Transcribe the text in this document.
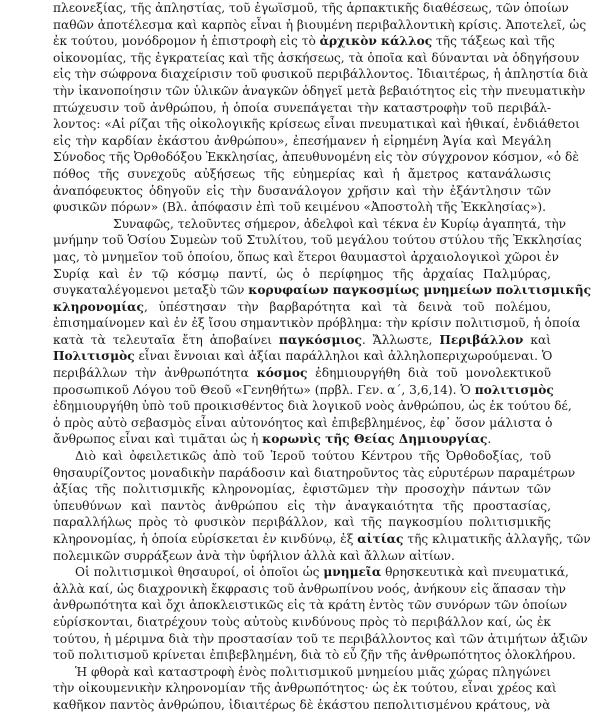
πλεονεξίας, τῆς ἀπληστίας, τοῦ ἐγωϊσμοῦ, τῆς ἁρπακτικῆς διαθέσεως, τῶν ὁποίων
παθῶν ἀποτέλεσμα καὶ καρπὸς εἶναι ἡ βιουμένη περιβαλλοντικὴ κρίσις. Ἀποτελεῖ, ὡς
ἐκ τούτου, μονόδρομον ἡ ἐπιστροφὴ εἰς τὸ ἀρχικὸν κάλλος τῆς τάξεως καὶ τῆς
οἰκονομίας, τῆς ἐγκρατείας καὶ τῆς ἀσκήσεως, τὰ ὁποῖα καὶ δύνανται νὰ ὁδηγήσουν
εἰς τὴν σώφρονα διαχείρισιν τοῦ φυσικοῦ περιβάλλοντος. Ἰδιαιτέρως, ἡ ἀπληστία διὰ
τὴν ἱκανοποίησιν τῶν ὑλικῶν ἀναγκῶν ὁδηγεῖ μετὰ βεβαιότητος εἰς τὴν πνευματικὴν
πτώχευσιν τοῦ ἀνθρώπου, ἡ ὁποία συνεπάγεται τὴν καταστροφὴν τοῦ περιβάλ-
λοντος: «Αἱ ρίζαι τῆς οἰκολογικῆς κρίσεως εἶναι πνευματικαὶ καὶ ἠθικαί, ἐνδιάθετοι
εἰς τὴν καρδίαν ἑκάστου ἀνθρώπου», ἐπεσήμανεν ἡ εἰρημένη Ἁγία καὶ Μεγάλη
Σύνοδος τῆς Ὀρθοδόξου Ἐκκλησίας, ἀπευθυνομένη εἰς τὸν σύγχρονον κόσμον, «ὁ δὲ
πόθος τῆς συνεχοῦς αὐξήσεως τῆς εὐημερίας καὶ ἡ ἄμετρος κατανάλωσις
ἀναπόφευκτος ὁδηγοῦν εἰς τὴν δυσανάλογον χρῆσιν καὶ τὴν ἐξάντλησιν τῶν
φυσικῶν πόρων» (Βλ. ἀπόφασιν ἐπὶ τοῦ κειμένου «Ἀποστολὴ τῆς Ἐκκλησίας»).
Συναφῶς, τελοῦντες σήμερον, ἀδελφοὶ καὶ τέκνα ἐν Κυρίῳ ἀγαπητά, τὴν
μνήμην τοῦ Ὁσίου Συμεὼν τοῦ Στυλίτου, τοῦ μεγάλου τούτου στύλου τῆς Ἐκκλησίας
μας, τὸ μνημεῖον τοῦ ὁποίου, ὅπως καὶ ἕτεροι θαυμαστοὶ ἀρχαιολογικοὶ χῶροι ἐν
Συρίᾳ καὶ ἐν τῷ κόσμῳ παντί, ὡς ὁ περίφημος τῆς ἀρχαίας Παλμύρας,
συγκαταλέγομενοι μεταξὺ τῶν κορυφαίων παγκοσμίως μνημείων πολιτισμικῆς
κληρονομίας, ὑπέστησαν τὴν βαρβαρότητα καὶ τὰ δεινὰ τοῦ πολέμου,
ἐπισημαίνομεν καὶ ἐν ἐξ ἴσου σημαντικὸν πρόβλημα: τὴν κρίσιν πολιτισμοῦ, ἡ ὁποία
κατὰ τὰ τελευταῖα ἔτη ἀποβαίνει παγκόσμιος. Ἄλλωστε, Περιβάλλον καὶ
Πολιτισμὸς εἶναι ἔννοιαι καὶ ἀξίαι παράλληλοι καὶ ἀλληλοπεριχωρούμεναι. Ὁ
περιβάλλων τὴν ἀνθρωπότητα κόσμος ἐδημιουργήθη διὰ τοῦ μονολεκτικοῦ
προσωπικοῦ Λόγου τοῦ Θεοῦ «Γενηθήτω» (πρβλ. Γεν. α΄, 3,6,14). Ὁ πολιτισμὸς
ἐδημιουργήθη ὑπὸ τοῦ προικισθέντος διὰ λογικοῦ νοὸς ἀνθρώπου, ὡς ἐκ τούτου δέ,
ὁ πρὸς αὐτὸ σεβασμὸς εἶναι αὐτονόητος καὶ ἐπιβεβλημένος, ἐφ᾽ ὅσον μάλιστα ὁ
ἄνθρωπος εἶναι καὶ τιμᾶται ὡς ἡ κορωνὶς τῆς Θείας Δημιουργίας.
Διὸ καὶ ὀφειλετικῶς ἀπὸ τοῦ Ἱεροῦ τούτου Κέντρου τῆς Ὀρθοδοξίας, τοῦ
θησαυρίζοντος μοναδικὴν παράδοσιν καὶ διατηροῦντος τὰς εὐρυτέρων παραμέτρων
ἀξίας τῆς πολιτισμικῆς κληρονομίας, ἐφιστῶμεν τὴν προσοχὴν πάντων τῶν
ὑπευθύνων καὶ παντὸς ἀνθρώπου εἰς τὴν ἀναγκαιότητα τῆς προστασίας,
παραλλήλως πρὸς τὸ φυσικὸν περιβάλλον, καὶ τῆς παγκοσμίου πολιτισμικῆς
κληρονομίας, ἡ ὁποία εὑρίσκεται ἐν κινδύνῳ, ἐξ αἰτίας τῆς κλιματικῆς ἀλλαγῆς, τῶν
πολεμικῶν συρράξεων ἀνὰ τὴν ὑφήλιον ἀλλὰ καὶ ἄλλων αἰτίων.
Οἱ πολιτισμικοὶ θησαυροί, οἱ ὁποῖοι ὡς μνημεῖα θρησκευτικὰ καὶ πνευματικά,
ἀλλὰ καί, ὡς διαχρονικὴ ἔκφρασις τοῦ ἀνθρωπίνου νοός, ἀνήκουν εἰς ἅπασαν τὴν
ἀνθρωπότητα καὶ ὄχι ἀποκλειστικῶς εἰς τὰ κράτη ἐντὸς τῶν συνόρων τῶν ὁποίων
εὑρίσκονται, διατρέχουν τοὺς αὐτοὺς κινδύνους πρὸς τὸ περιβάλλον καί, ὡς ἐκ
τούτου, ἡ μέριμνα διὰ τὴν προστασίαν τοῦ τε περιβάλλοντος καὶ τῶν ἀτιμήτων ἀξιῶν
τοῦ πολιτισμοῦ κρίνεται ἐπιβεβλημένη, διὰ τὸ εὖ ζῆν τῆς ἀνθρωπότητος ὁλοκλήρου.
Ἡ φθορὰ καὶ καταστροφὴ ἑνὸς πολιτισμικοῦ μνημείου μιᾶς χώρας πληγώνει
τὴν οἰκουμενικὴν κληρονομίαν τῆς ἀνθρωπότητος· ὡς ἐκ τούτου, εἶναι χρέος καὶ
καθῆκον παντὸς ἀνθρώπου, ἰδιαιτέρως δὲ ἑκάστου πεπολιτισμένου κράτους, νὰ
